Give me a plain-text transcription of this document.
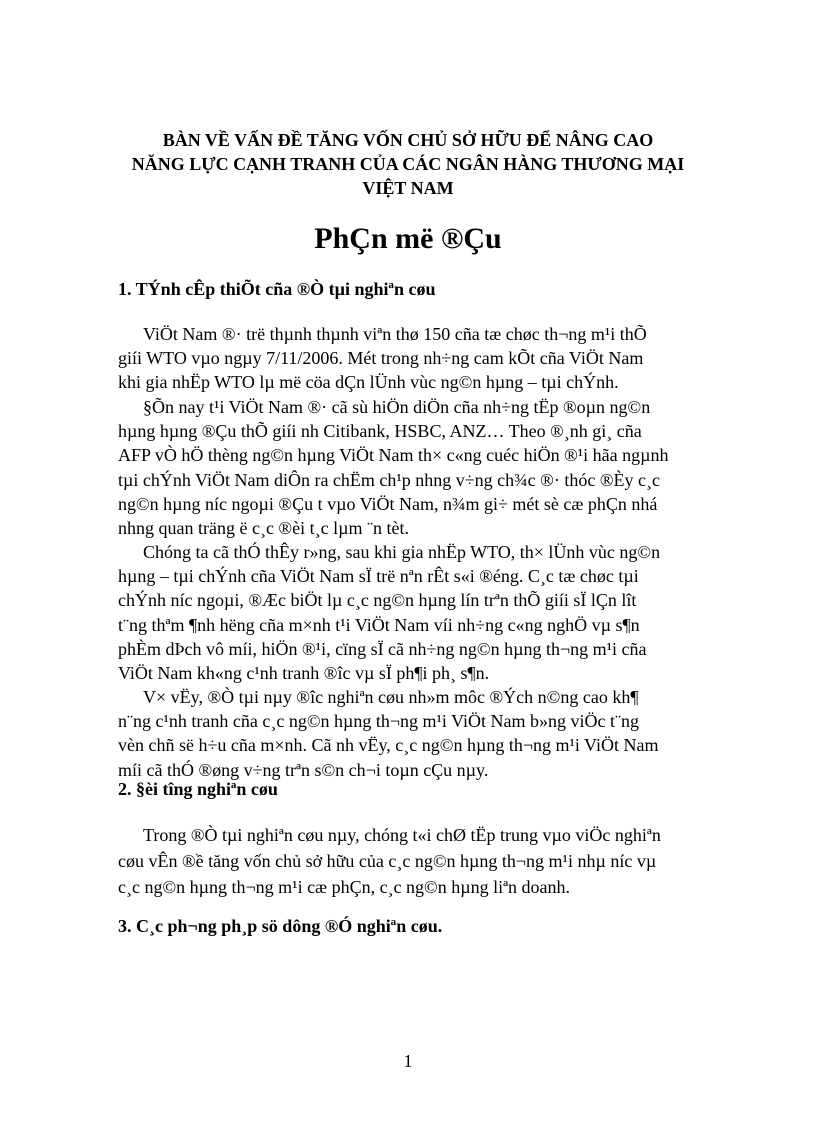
BÀN VỀ VẤN ĐỀ TĂNG VỐN CHỦ SỞ HỮU ĐỂ NÂNG CAO
NĂNG LỰC CẠNH TRANH CỦA CÁC NGÂN HÀNG THƯƠNG MẠI
VIỆT NAM
PhÇn më ®Çu
1. TÝnh cÊp thiÕt cña ®Ò tµi nghiªn cøu
ViÖt Nam ®· trë thµnh thµnh viªn thø 150 cña tæ chøc th¬ng m¹i thÕ
giíi WTO vµo ngµy 7/11/2006. Mét trong nh÷ng cam kÕt cña ViÖt Nam
khi gia nhËp WTO lµ më cöa dÇn lÜnh vùc ng©n hµng – tµi chÝnh.
§Õn nay t¹i ViÖt Nam ®· cã sù hiÖn diÖn cña nh÷ng tËp ®oµn ng©n
hµng hµng ®Çu thÕ giíi nh Citibank, HSBC, ANZ… Theo ®¸nh gi¸ cña
AFP vÒ hÖ thèng ng©n hµng ViÖt Nam th× c«ng cuéc hiÖn ®¹i hãa ngµnh
tµi chÝnh ViÖt Nam diÔn ra chËm ch¹p nhng v÷ng ch¾c ®· thóc ®Èy c¸c
ng©n hµng níc ngoµi ®Çu t vµo ViÖt Nam, n¾m gi÷ mét sè cæ phÇn nhá
nhng quan träng ë c¸c ®èi t¸c lµm ¨n tèt.
Chóng ta cã thÓ thÊy r»ng, sau khi gia nhËp WTO, th× lÜnh vùc ng©n
hµng – tµi chÝnh cña ViÖt Nam sÏ trë nªn rÊt s«i ®éng. C¸c tæ chøc tµi
chÝnh níc ngoµi, ®Æc biÖt lµ c¸c ng©n hµng lín trªn thÕ giíi sÏ lÇn lît
t¨ng thªm ¶nh hëng cña m×nh t¹i ViÖt Nam víi nh÷ng c«ng nghÖ vµ s¶n
phÈm dÞch vô míi, hiÖn ®¹i, cïng sÏ cã nh÷ng ng©n hµng th¬ng m¹i cña
ViÖt Nam kh«ng c¹nh tranh ®îc vµ sÏ ph¶i ph¸ s¶n.
V× vËy, ®Ò tµi nµy ®îc nghiªn cøu nh»m môc ®Ých n©ng cao kh¶
n¨ng c¹nh tranh cña c¸c ng©n hµng th¬ng m¹i ViÖt Nam b»ng viÖc t¨ng
vèn chñ së h÷u cña m×nh. Cã nh vËy, c¸c ng©n hµng th¬ng m¹i ViÖt Nam
míi cã thÓ ®øng v÷ng trªn s©n ch¬i toµn cÇu nµy.
2. §èi tîng nghiªn cøu
Trong ®Ò tµi nghiªn cøu nµy, chóng t«i chØ tËp trung vµo viÖc nghiªn
cøu vÊn ®ề tăng vốn chủ sở hữu của c¸c ng©n hµng th¬ng m¹i nhµ níc vµ
c¸c ng©n hµng th¬ng m¹i cæ phÇn, c¸c ng©n hµng liªn doanh.
3. C¸c ph¬ng ph¸p sö dông ®Ó nghiªn cøu.
1
